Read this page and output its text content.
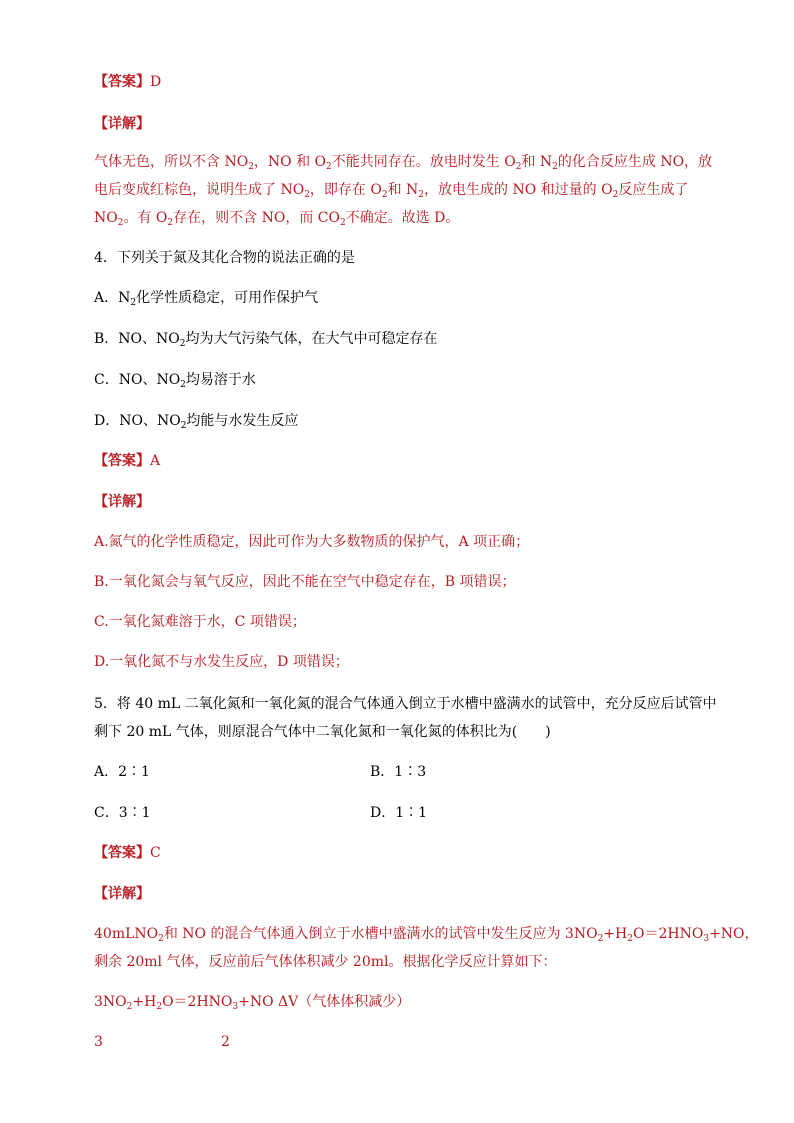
【答案】D
【详解】
气体无色，所以不含 $NO_2$，NO 和 $O_2$不能共同存在。放电时发生 $O_2$和 $N_2$的化合反应生成 NO，放
电后变成红棕色，说明生成了 $NO_2$，即存在 $O_2$和 $N_2$，放电生成的 NO 和过量的 $O_2$反应生成了
$NO_2$。有 $O_2$存在，则不含 NO，而 $CO_2$不确定。故选 D。
4．下列关于氮及其化合物的说法正确的是
A．$N_2$化学性质稳定，可用作保护气
B．NO、$NO_2$均为大气污染气体，在大气中可稳定存在
C．NO、$NO_2$均易溶于水
D．NO、$NO_2$均能与水发生反应
【答案】A
【详解】
A.氮气的化学性质稳定，因此可作为大多数物质的保护气，A 项正确；
B.一氧化氮会与氧气反应，因此不能在空气中稳定存在，B 项错误；
C.一氧化氮难溶于水，C 项错误；
D.一氧化氮不与水发生反应，D 项错误；
5．将 40 mL 二氧化氮和一氧化氮的混合气体通入倒立于水槽中盛满水的试管中，充分反应后试管中
剩下 20 mL 气体，则原混合气体中二氧化氮和一氧化氮的体积比为(　　)
A．2∶1	B．1∶3
C．3∶1	D．1∶1
【答案】C
【详解】
40mLNO$_2$和 NO 的混合气体通入倒立于水槽中盛满水的试管中发生反应为 $3NO_2+H_2O=2HNO_3+NO$，
剩余 20ml 气体，反应前后气体体积减少 20ml。根据化学反应计算如下：
$3NO_2+H_2O=2HNO_3+NO$ ΔV（气体体积减少）
3	2
